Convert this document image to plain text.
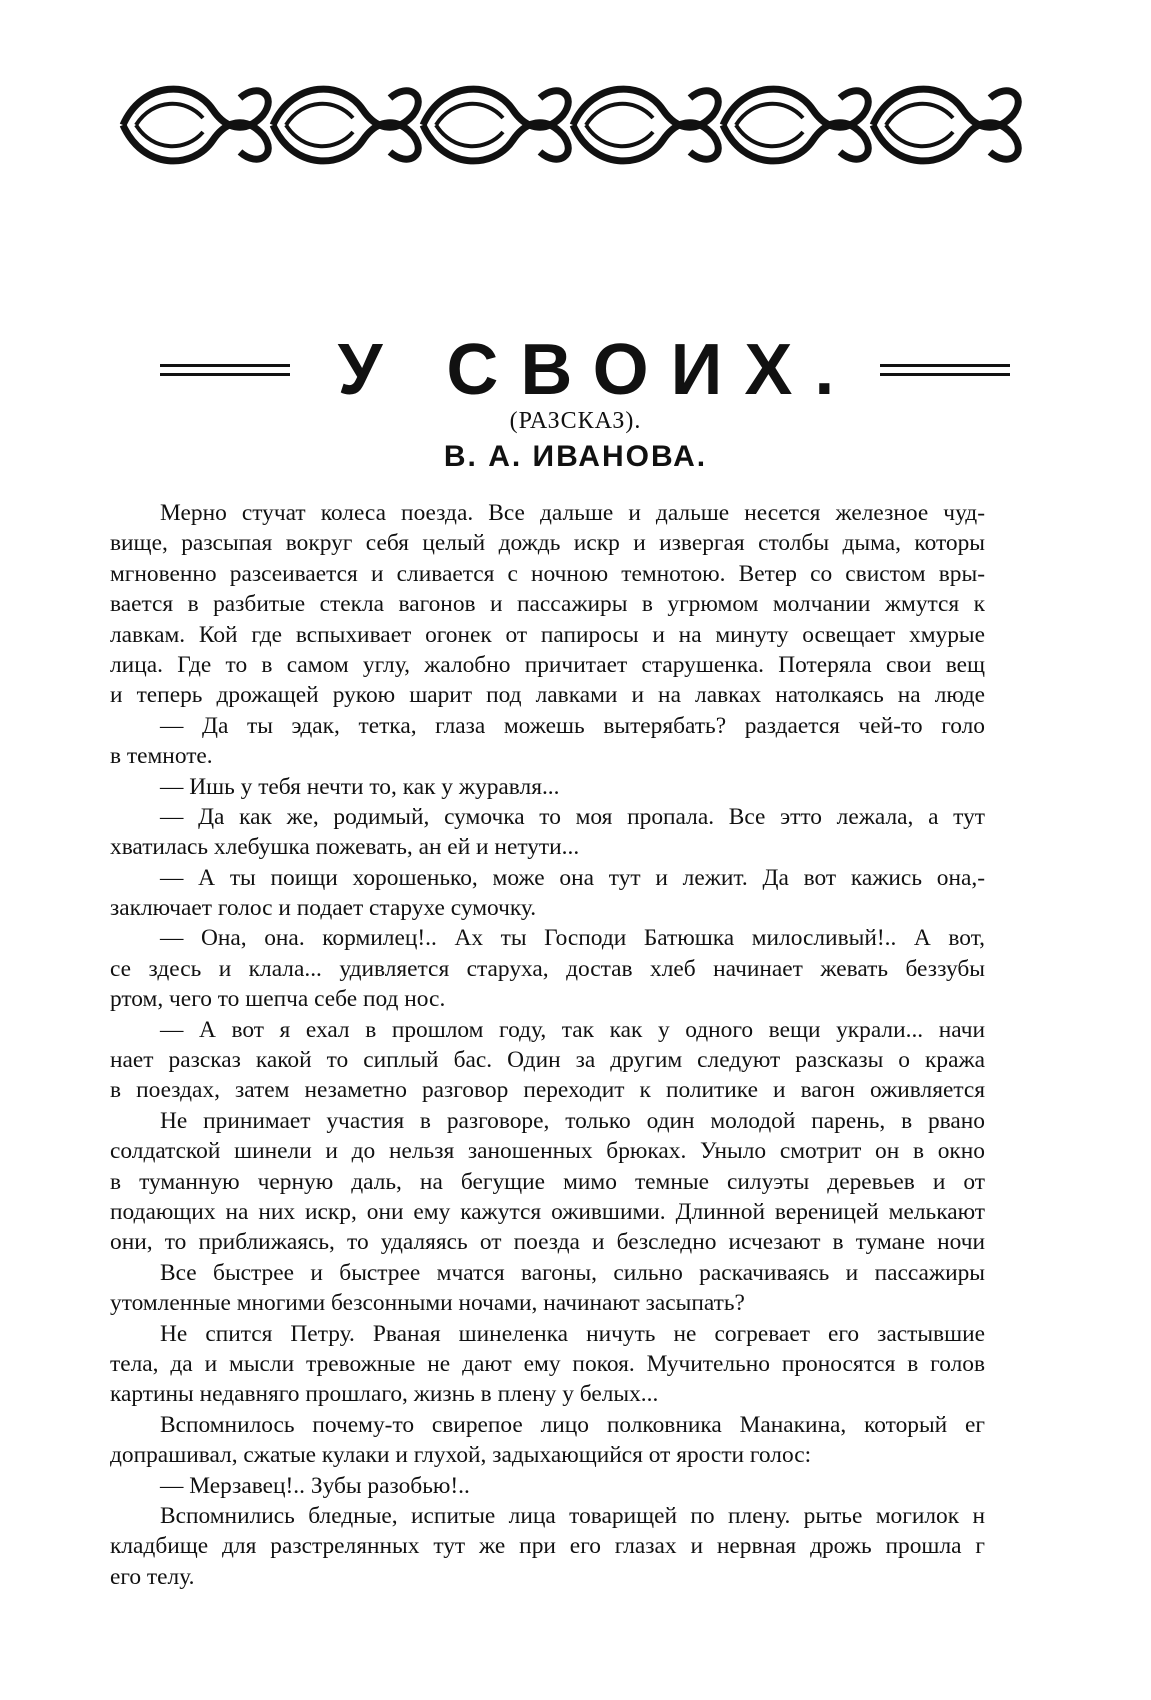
У СВОИХ.
(РАЗСКАЗ).
В. А. ИВАНОВА.
Мерно стучат колеса поезда. Все дальше и дальше несется железное чуд-
вище, разсыпая вокруг себя целый дождь искр и извергая столбы дыма, которы
мгновенно разсеивается и сливается с ночною темнотою. Ветер со свистом вры-
вается в разбитые стекла вагонов и пассажиры в угрюмом молчании жмутся к
лавкам. Кой где вспыхивает огонек от папиросы и на минуту освещает хмурые
лица. Где то в самом углу, жалобно причитает старушенка. Потеряла свои вещ
и теперь дрожащей рукою шарит под лавками и на лавках натолкаясь на люде
— Да ты эдак, тетка, глаза можешь вытерябать? раздается чей-то голо
в темноте.
— Ишь у тебя нечти то, как у журавля...
— Да как же, родимый, сумочка то моя пропала. Все этто лежала, а тут
хватилась хлебушка пожевать, ан ей и нетути...
— А ты поищи хорошенько, може она тут и лежит. Да вот кажись она,-
заключает голос и подает старухе сумочку.
— Она, она. кормилец!.. Ах ты Господи Батюшка милосливый!.. А вот,
се здесь и клала... удивляется старуха, достав хлеб начинает жевать беззубы
ртом, чего то шепча себе под нос.
— А вот я ехал в прошлом году, так как у одного вещи украли... начи
нает разсказ какой то сиплый бас. Один за другим следуют разсказы о кража
в поездах, затем незаметно разговор переходит к политике и вагон оживляется
Не принимает участия в разговоре, только один молодой парень, в рвано
солдатской шинели и до нельзя заношенных брюках. Уныло смотрит он в окно
в туманную черную даль, на бегущие мимо темные силуэты деревьев и от
подающих на них искр, они ему кажутся ожившими. Длинной вереницей мелькают
они, то приближаясь, то удаляясь от поезда и безследно исчезают в тумане ночи
Все быстрее и быстрее мчатся вагоны, сильно раскачиваясь и пассажиры
утомленные многими безсонными ночами, начинают засыпать?
Не спится Петру. Рваная шинеленка ничуть не согревает его застывшие
тела, да и мысли тревожные не дают ему покоя. Мучительно проносятся в голов
картины недавняго прошлаго, жизнь в плену у белых...
Вспомнилось почему-то свирепое лицо полковника Манакина, который ег
допрашивал, сжатые кулаки и глухой, задыхающийся от ярости голос:
— Мерзавец!.. Зубы разобью!..
Вспомнились бледные, испитые лица товарищей по плену. рытье могилок н
кладбище для разстрелянных тут же при его глазах и нервная дрожь прошла г
его телу.
